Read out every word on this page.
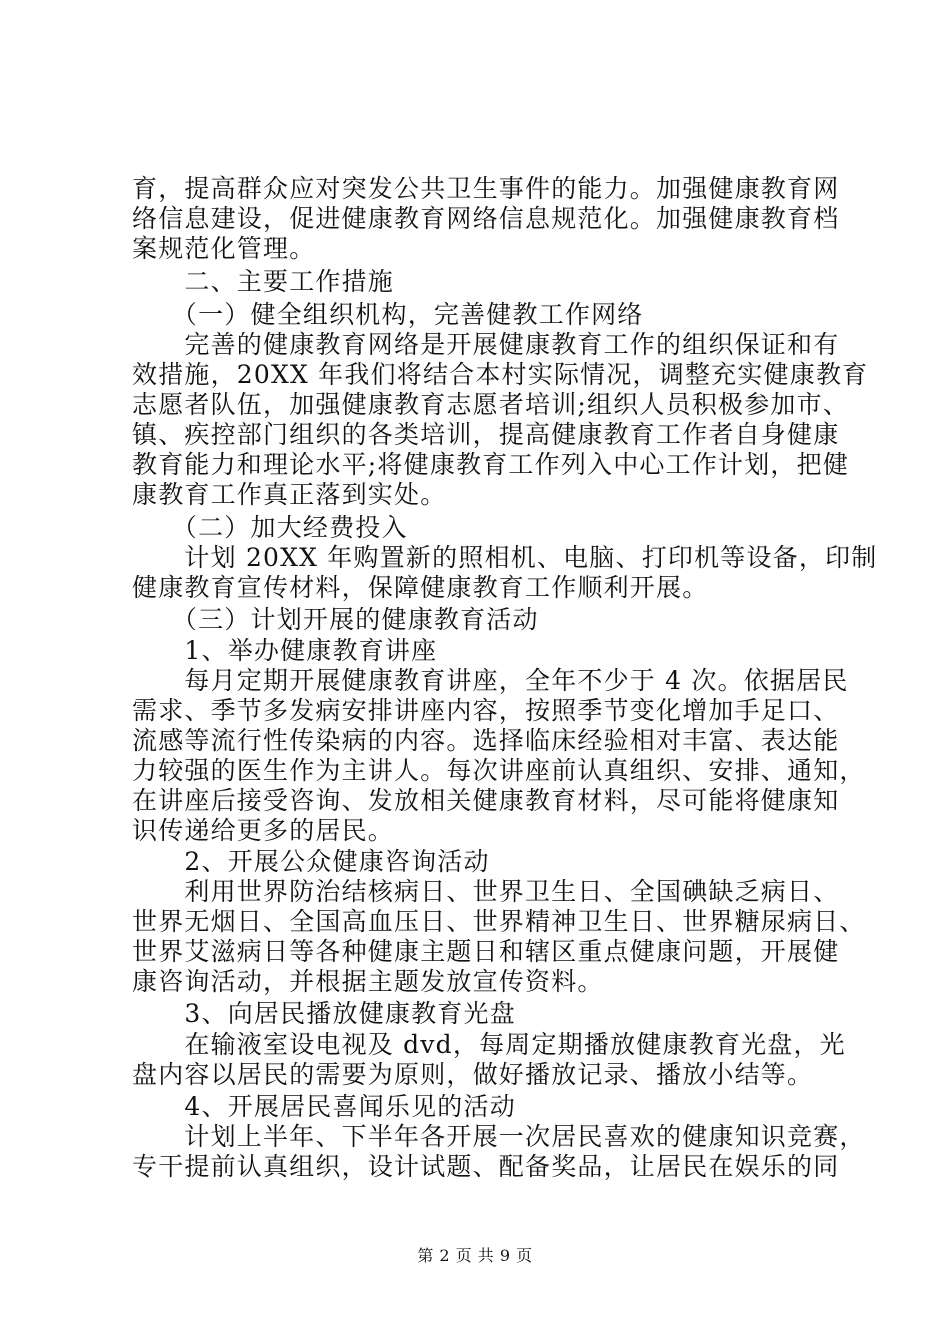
育，提高群众应对突发公共卫生事件的能力。加强健康教育网
络信息建设，促进健康教育网络信息规范化。加强健康教育档
案规范化管理。
　　二、主要工作措施
　　（一）健全组织机构，完善健教工作网络
　　完善的健康教育网络是开展健康教育工作的组织保证和有
效措施，20XX 年我们将结合本村实际情况，调整充实健康教育
志愿者队伍，加强健康教育志愿者培训;组织人员积极参加市、
镇、疾控部门组织的各类培训，提高健康教育工作者自身健康
教育能力和理论水平;将健康教育工作列入中心工作计划，把健
康教育工作真正落到实处。
　　（二）加大经费投入
　　计划 20XX 年购置新的照相机、电脑、打印机等设备，印制
健康教育宣传材料，保障健康教育工作顺利开展。
　　（三）计划开展的健康教育活动
　　1、举办健康教育讲座
　　每月定期开展健康教育讲座，全年不少于 4 次。依据居民
需求、季节多发病安排讲座内容，按照季节变化增加手足口、
流感等流行性传染病的内容。选择临床经验相对丰富、表达能
力较强的医生作为主讲人。每次讲座前认真组织、安排、通知，
在讲座后接受咨询、发放相关健康教育材料，尽可能将健康知
识传递给更多的居民。
　　2、开展公众健康咨询活动
　　利用世界防治结核病日、世界卫生日、全国碘缺乏病日、
世界无烟日、全国高血压日、世界精神卫生日、世界糖尿病日、
世界艾滋病日等各种健康主题日和辖区重点健康问题，开展健
康咨询活动，并根据主题发放宣传资料。
　　3、向居民播放健康教育光盘
　　在输液室设电视及 dvd，每周定期播放健康教育光盘，光
盘内容以居民的需要为原则，做好播放记录、播放小结等。
　　4、开展居民喜闻乐见的活动
　　计划上半年、下半年各开展一次居民喜欢的健康知识竞赛，
专干提前认真组织，设计试题、配备奖品，让居民在娱乐的同
第 2 页 共 9 页
